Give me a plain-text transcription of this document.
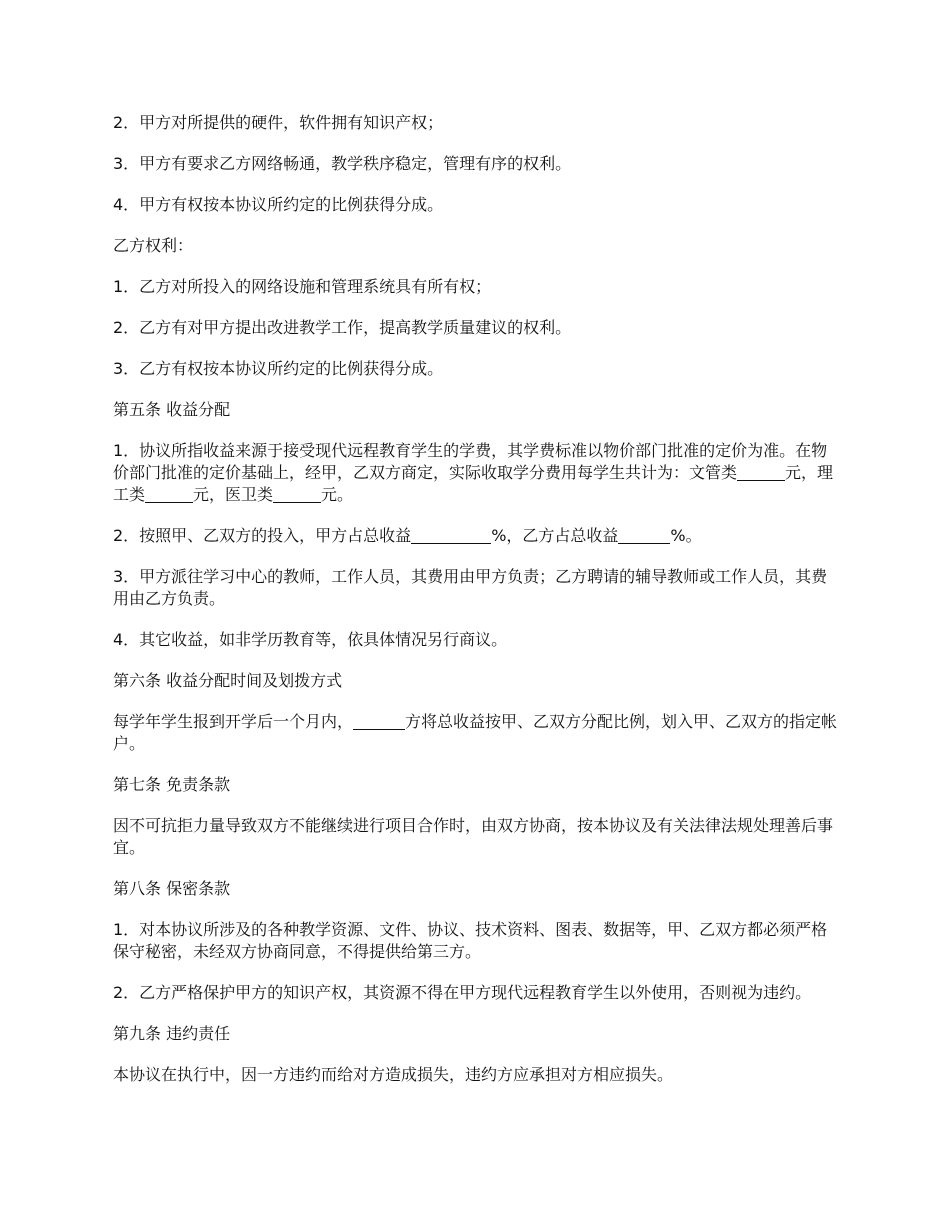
2．甲方对所提供的硬件，软件拥有知识产权；

3．甲方有要求乙方网络畅通，教学秩序稳定，管理有序的权利。

4．甲方有权按本协议所约定的比例获得分成。

乙方权利：

1．乙方对所投入的网络设施和管理系统具有所有权；

2．乙方有对甲方提出改进教学工作，提高教学质量建议的权利。

3．乙方有权按本协议所约定的比例获得分成。

第五条 收益分配

1．协议所指收益来源于接受现代远程教育学生的学费，其学费标准以物价部门批准的定价为准。在物价部门批准的定价基础上，经甲，乙双方商定，实际收取学分费用每学生共计为：文管类	元，理工类	元，医卫类	元。

2．按照甲、乙双方的投入，甲方占总收益	%，乙方占总收益	%。

3．甲方派往学习中心的教师，工作人员，其费用由甲方负责；乙方聘请的辅导教师或工作人员，其费用由乙方负责。

4．其它收益，如非学历教育等，依具体情况另行商议。

第六条 收益分配时间及划拨方式

每学年学生报到开学后一个月内，	方将总收益按甲、乙双方分配比例，划入甲、乙双方的指定帐户。

第七条 免责条款

因不可抗拒力量导致双方不能继续进行项目合作时，由双方协商，按本协议及有关法律法规处理善后事宜。

第八条 保密条款

1．对本协议所涉及的各种教学资源、文件、协议、技术资料、图表、数据等，甲、乙双方都必须严格保守秘密，未经双方协商同意，不得提供给第三方。

2．乙方严格保护甲方的知识产权，其资源不得在甲方现代远程教育学生以外使用，否则视为违约。

第九条 违约责任

本协议在执行中，因一方违约而给对方造成损失，违约方应承担对方相应损失。
